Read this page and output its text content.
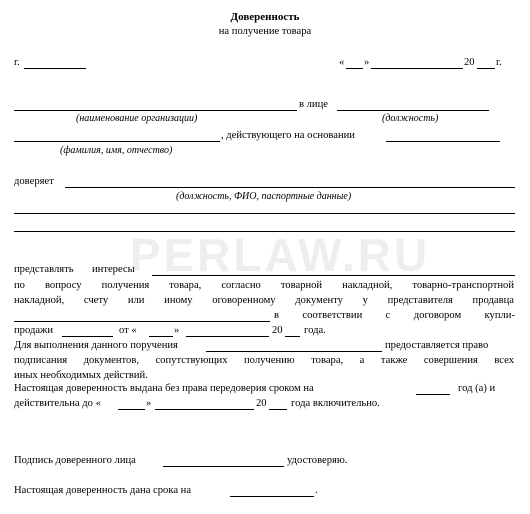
PERLAW.RU
Доверенность
на получение товара
г.	« »	20 г.
в лице
(наименование организации)	(должность)
, действующего на основании
(фамилия, имя, отчество)
доверяет
(должность, ФИО, паспортные данные)
представлять интересы
по вопросу получения товара, согласно товарной накладной, товарно-транспортной
накладной, счету или иному оговоренному документу у представителя продавца
в соответствии с договором купли-
продажи	от «	»	20 года.
Для выполнения данного поручения	предоставляется право
подписания документов, сопутствующих получению товара, а также совершения всех
иных необходимых действий.
Настоящая доверенность выдана без права передоверия сроком на	год (а) и
действительна до «	»	20 года включительно.
Подпись доверенного лица	удостоверяю.
Настоящая доверенность дана срока на	.
